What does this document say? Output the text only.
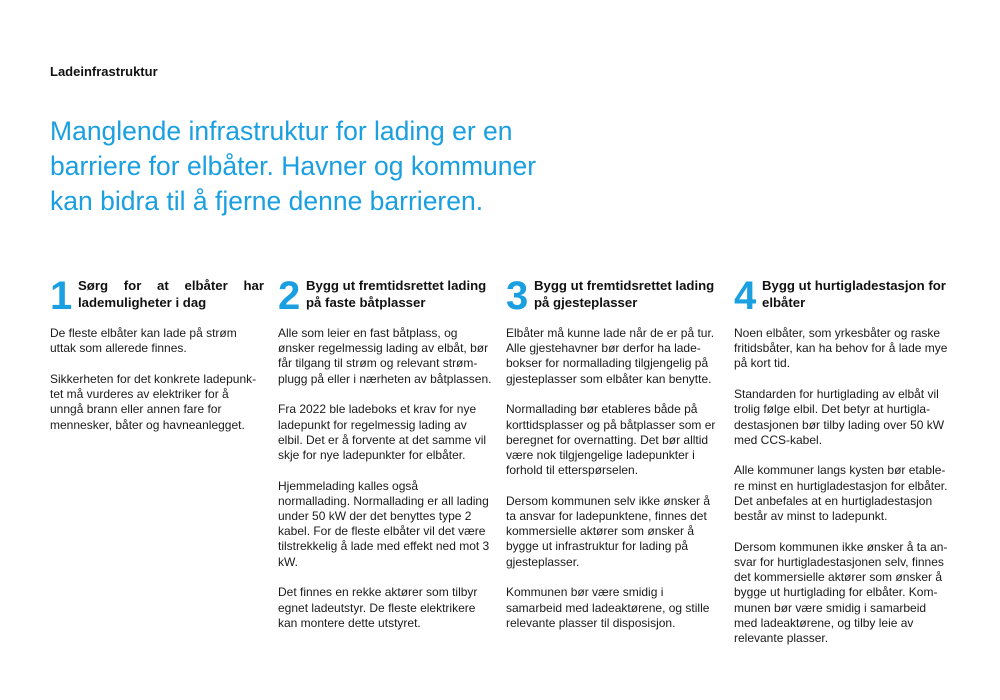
Ladeinfrastruktur
Manglende infrastruktur for lading er en
barriere for elbåter. Havner og kommuner
kan bidra til å fjerne denne barrieren.
1 Sørg for at elbåter har lademuligheter i dag

De fleste elbåter kan lade på strøm uttak som allerede finnes.

Sikkerheten for det konkrete ladepunk-tet må vurderes av elektriker for å unngå brann eller annen fare for mennesker, båter og havneanlegget.

2 Bygg ut fremtidsrettet lading på faste båtplasser

Alle som leier en fast båtplass, og ønsker regelmessig lading av elbåt, bør får tilgang til strøm og relevant strøm-plugg på eller i nærheten av båtplassen.

Fra 2022 ble ladeboks et krav for nye ladepunkt for regelmessig lading av elbil. Det er å forvente at det samme vil skje for nye ladepunkter for elbåter.

Hjemmelading kalles også normallading. Normallading er all lading under 50 kW der det benyttes type 2 kabel. For de fleste elbåter vil det være tilstrekkelig å lade med effekt ned mot 3 kW.

Det finnes en rekke aktører som tilbyr egnet ladeutstyr. De fleste elektrikere kan montere dette utstyret.

3 Bygg ut fremtidsrettet lading på gjesteplasser

Elbåter må kunne lade når de er på tur. Alle gjestehavner bør derfor ha lade-bokser for normallading tilgjengelig på gjesteplasser som elbåter kan benytte.

Normallading bør etableres både på korttidsplasser og på båtplasser som er beregnet for overnatting. Det bør alltid være nok tilgjengelige ladepunkter i forhold til etterspørselen.

Dersom kommunen selv ikke ønsker å ta ansvar for ladepunktene, finnes det kommersielle aktører som ønsker å bygge ut infrastruktur for lading på gjesteplasser.

Kommunen bør være smidig i samarbeid med ladeaktørene, og stille relevante plasser til disposisjon.

4 Bygg ut hurtigladestasjon for elbåter

Noen elbåter, som yrkesbåter og raske fritidsbåter, kan ha behov for å lade mye på kort tid.

Standarden for hurtiglading av elbåt vil trolig følge elbil. Det betyr at hurtigla-destasjonen bør tilby lading over 50 kW med CCS-kabel.

Alle kommuner langs kysten bør etable-re minst en hurtigladestasjon for elbåter. Det anbefales at en hurtigladestasjon består av minst to ladepunkt.

Dersom kommunen ikke ønsker å ta an-svar for hurtigladestasjonen selv, finnes det kommersielle aktører som ønsker å bygge ut hurtiglading for elbåter. Kom-munen bør være smidig i samarbeid med ladeaktørene, og tilby leie av relevante plasser.
